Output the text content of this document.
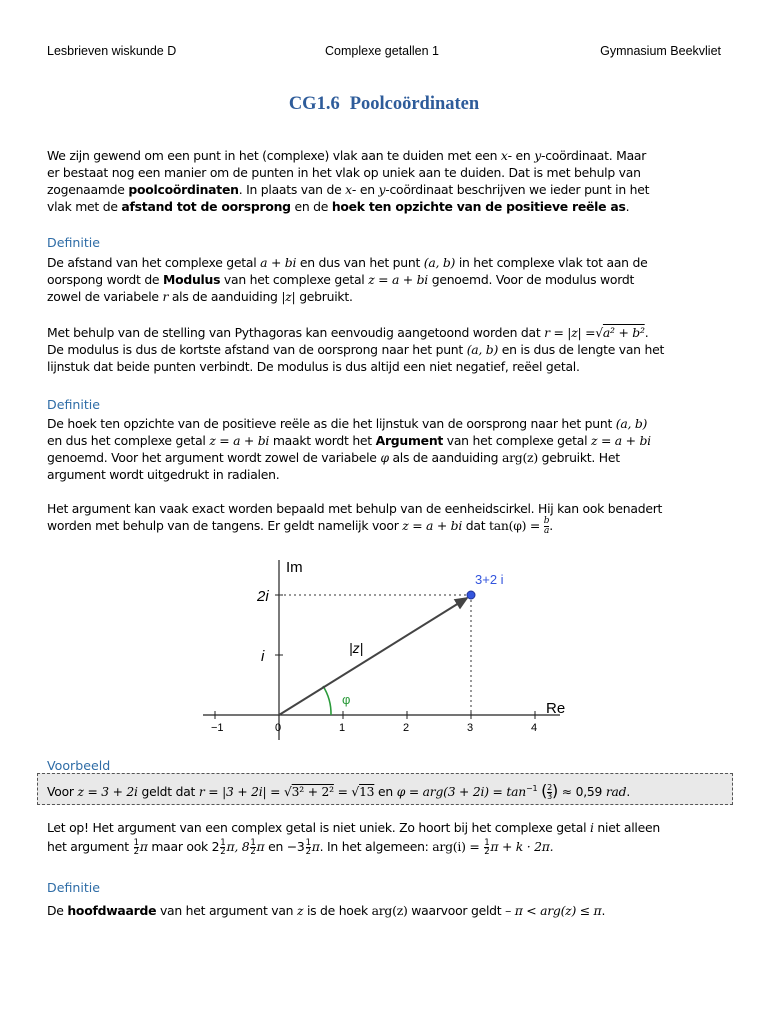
Lesbrieven wiskunde D	Complexe getallen 1	Gymnasium Beekvliet
CG1.6 Poolcoördinaten

We zijn gewend om een punt in het (complexe) vlak aan te duiden met een x- en y-coördinaat. Maar

er bestaat nog een manier om de punten in het vlak op uniek aan te duiden. Dat is met behulp van

zogenaamde poolcoördinaten. In plaats van de x- en y-coördinaat beschrijven we ieder punt in het

vlak met de afstand tot de oorsprong en de hoek ten opzichte van de positieve reële as.

Definitie

De afstand van het complexe getal a + bi en dus van het punt (a, b) in het complexe vlak tot aan de

oorspong wordt de Modulus van het complexe getal z = a + bi genoemd. Voor de modulus wordt

zowel de variabele r als de aanduiding |z| gebruikt.

Met behulp van de stelling van Pythagoras kan eenvoudig aangetoond worden dat r = |z| =√a² + b².

De modulus is dus de kortste afstand van de oorsprong naar het punt (a, b) en is dus de lengte van het

lijnstuk dat beide punten verbindt. De modulus is dus altijd een niet negatief, reëel getal.

Definitie

De hoek ten opzichte van de positieve reële as die het lijnstuk van de oorsprong naar het punt (a, b)

en dus het complexe getal z = a + bi maakt wordt het Argument van het complexe getal z = a + bi

genoemd. Voor het argument wordt zowel de variabele φ als de aanduiding arg(z) gebruikt. Het

argument wordt uitgedrukt in radialen.

Het argument kan vaak exact worden bepaald met behulp van de eenheidscirkel. Hij kan ook benadert

worden met behulp van de tangens. Er geldt namelijk voor z = a + bi dat $\tan(\varphi) = \frac{b}{a}$ .

−1	0	1	2	3	4
2i
i
Im
Re
φ
|z|
3+2 i
Voorbeeld
Voor z = 3 + 2i geldt dat r = |3 + 2i| = √3² + 2² = √13 en $\varphi = arg(3 + 2i) = \tan^{-1}$ ( $\frac{2}{3}$ ) ≈ 0,59 rad.

Let op! Het argument van een complex getal is niet uniek. Zo hoort bij het complexe getal i niet alleen

het argument $\frac{1}{2}$ π maar ook $2 \frac{1}{2} \pi$, $8 \frac{1}{2}$ π en $-3 \frac{1}{2} \pi$. In het algemeen: $arg(i) = \frac{1}{2}$ π + k · 2π.

Definitie

De hoofdwaarde van het argument van z is de hoek arg(z) waarvoor geldt – π < arg(z) ≤ π.
